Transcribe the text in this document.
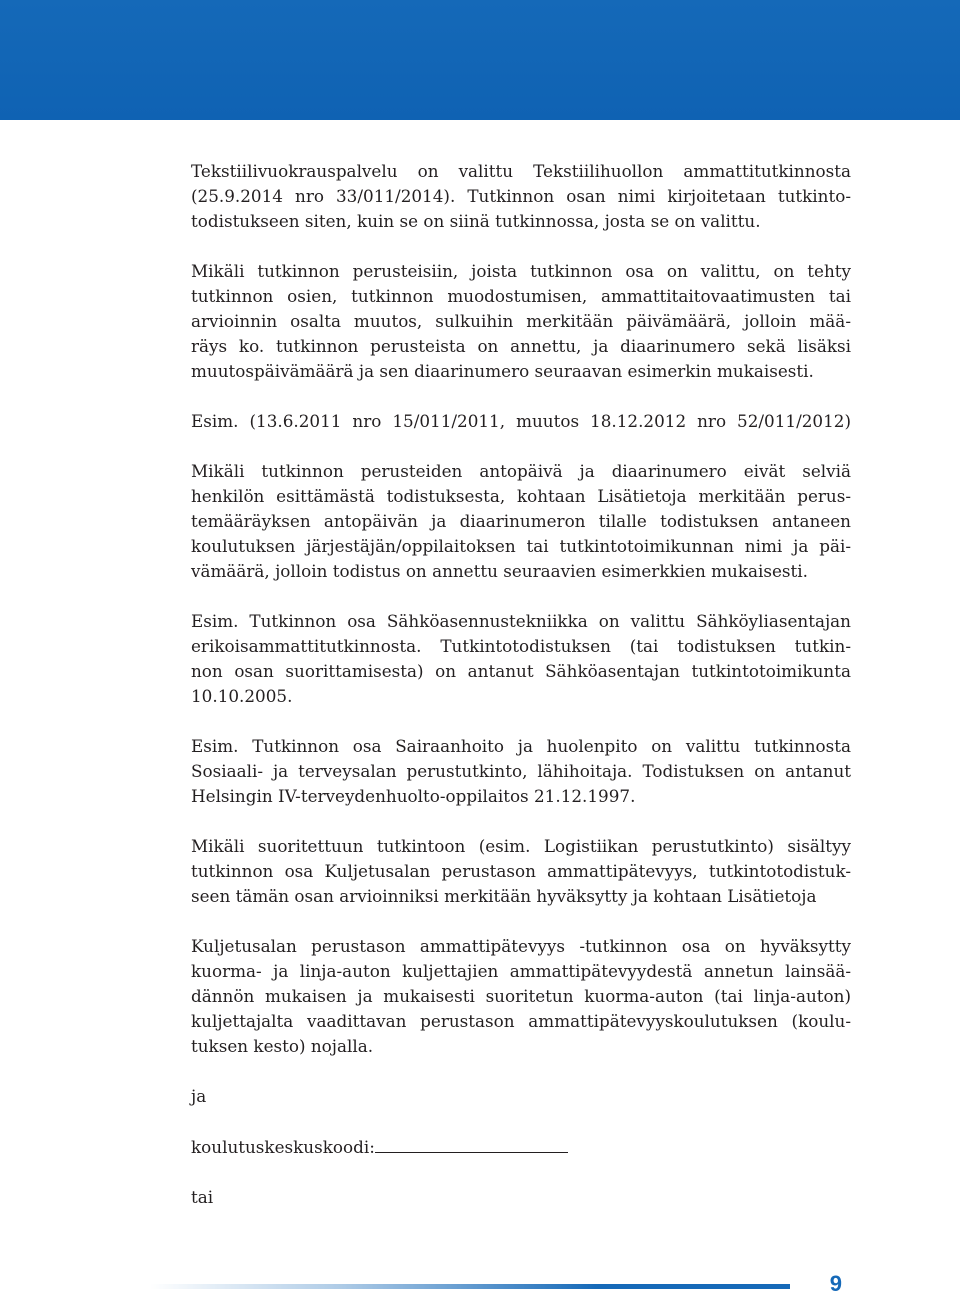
Tekstiilivuokrauspalvelu on valittu Tekstiilihuollon ammattitutkinnosta
(25.9.2014 nro 33/011/2014). Tutkinnon osan nimi kirjoitetaan tutkinto-
todistukseen siten, kuin se on siinä tutkinnossa, josta se on valittu.

Mikäli tutkinnon perusteisiin, joista tutkinnon osa on valittu, on tehty
tutkinnon osien, tutkinnon muodostumisen, ammattitaitovaatimusten tai
arvioinnin osalta muutos, sulkuihin merkitään päivämäärä, jolloin mää-
räys ko. tutkinnon perusteista on annettu, ja diaarinumero sekä lisäksi
muutospäivämäärä ja sen diaarinumero seuraavan esimerkin mukaisesti.

Esim. (13.6.2011 nro 15/011/2011, muutos 18.12.2012 nro 52/011/2012)

Mikäli tutkinnon perusteiden antopäivä ja diaarinumero eivät selviä
henkilön esittämästä todistuksesta, kohtaan Lisätietoja merkitään perus-
temääräyksen antopäivän ja diaarinumeron tilalle todistuksen antaneen
koulutuksen järjestäjän/oppilaitoksen tai tutkintotoimikunnan nimi ja päi-
vämäärä, jolloin todistus on annettu seuraavien esimerkkien mukaisesti.

Esim. Tutkinnon osa Sähköasennustekniikka on valittu Sähköyliasentajan
erikoisammattitutkinnosta. Tutkintotodistuksen (tai todistuksen tutkin-
non osan suorittamisesta) on antanut Sähköasentajan tutkintotoimikunta
10.10.2005.

Esim. Tutkinnon osa Sairaanhoito ja huolenpito on valittu tutkinnosta
Sosiaali- ja terveysalan perustutkinto, lähihoitaja. Todistuksen on antanut
Helsingin IV-terveydenhuolto-oppilaitos 21.12.1997.

Mikäli suoritettuun tutkintoon (esim. Logistiikan perustutkinto) sisältyy
tutkinnon osa Kuljetusalan perustason ammattipätevyys, tutkintotodistuk-
seen tämän osan arvioinniksi merkitään hyväksytty ja kohtaan Lisätietoja

Kuljetusalan perustason ammattipätevyys -tutkinnon osa on hyväksytty
kuorma- ja linja-auton kuljettajien ammattipätevyydestä annetun lainsää-
dännön mukaisen ja mukaisesti suoritetun kuorma-auton (tai linja-auton)
kuljettajalta vaadittavan perustason ammattipätevyyskoulutuksen (koulu-
tuksen kesto) nojalla.

ja

koulutuskeskuskoodi:

tai

9
